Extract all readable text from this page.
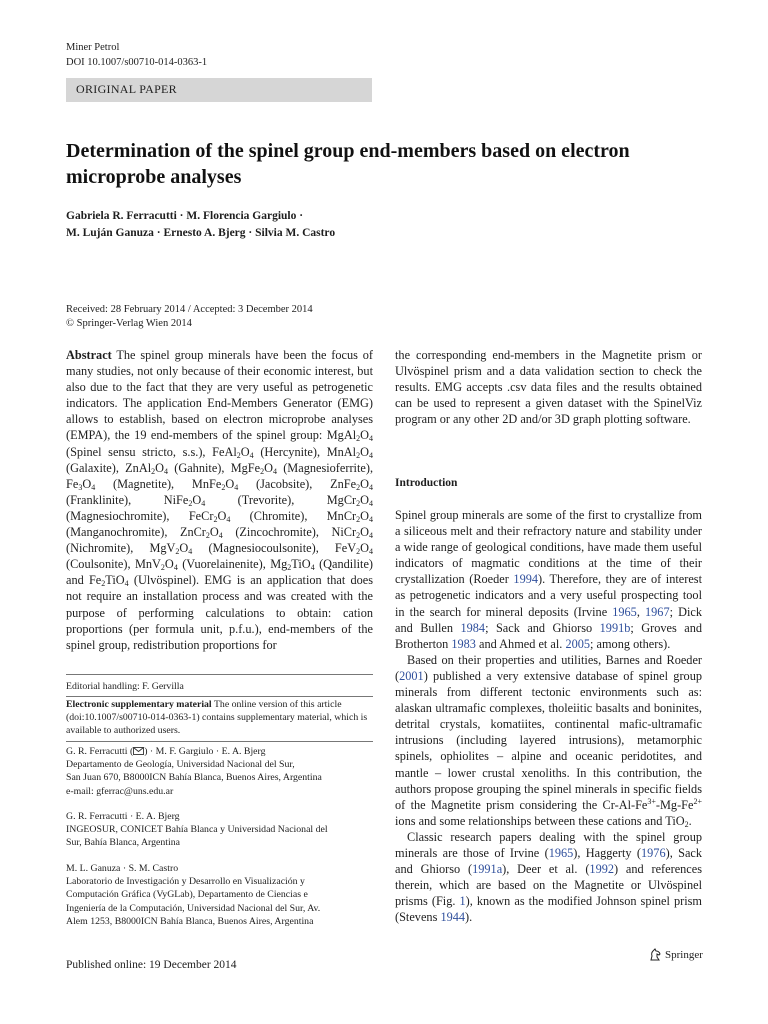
Miner Petrol
DOI 10.1007/s00710-014-0363-1
ORIGINAL PAPER
Determination of the spinel group end-members based on electron microprobe analyses
Gabriela R. Ferracutti · M. Florencia Gargiulo ·
M. Luján Ganuza · Ernesto A. Bjerg · Silvia M. Castro
Received: 28 February 2014 / Accepted: 3 December 2014
© Springer-Verlag Wien 2014
Abstract The spinel group minerals have been the focus of many studies, not only because of their economic interest, but also due to the fact that they are very useful as petrogenetic indicators. The application End-Members Generator (EMG) allows to establish, based on electron microprobe analyses (EMPA), the 19 end-members of the spinel group: $MgAl_2O_4$ (Spinel sensu stricto, s.s.), $FeAl_2O_4$ (Hercynite), $MnAl_2O_4$ (Galaxite), $ZnAl_2O_4$ (Gahnite), $MgFe_2O_4$ (Magnesioferrite), $Fe_3O_4$ (Magnetite), $MnFe_2O_4$ (Jacobsite), $ZnFe_2O_4$ (Franklinite),	$NiFe_2O_4$	(Trevorite),	$MgCr_2O_4$ (Magnesiochromite), $FeCr_2O_4$ (Chromite), $MnCr_2O_4$ (Manganochromite), $ZnCr_2O_4$ (Zincochromite), $NiCr_2O_4$ (Nichromite), $MgV_2O_4$ (Magnesiocoulsonite), $FeV_2O_4$ (Coulsonite), $MnV_2O_4$ (Vuorelainenite), $Mg_2TiO_4$ (Qandilite) and $Fe_2TiO_4$ (Ulvöspinel). EMG is an application that does not require an installation process and was created with the purpose of performing calculations to obtain: cation proportions (per formula unit, p.f.u.), end-members of the spinel group, redistribution proportions for
Editorial handling: F. Gervilla
Electronic supplementary material The online version of this article (doi:10.1007/s00710-014-0363-1) contains supplementary material, which is available to authorized users.
G. R. Ferracutti ( ) · M. F. Gargiulo · E. A. Bjerg
Departamento de Geología, Universidad Nacional del Sur,
San Juan 670, B8000ICN Bahía Blanca, Buenos Aires, Argentina
e-mail: gferrac@uns.edu.ar
G. R. Ferracutti · E. A. Bjerg
INGEOSUR, CONICET Bahía Blanca y Universidad Nacional del
Sur, Bahía Blanca, Argentina
M. L. Ganuza · S. M. Castro
Laboratorio de Investigación y Desarrollo en Visualización y
Computación Gráfica (VyGLab), Departamento de Ciencias e
Ingeniería de la Computación, Universidad Nacional del Sur, Av.
Alem 1253, B8000ICN Bahía Blanca, Buenos Aires, Argentina
the corresponding end-members in the Magnetite prism or Ulvöspinel prism and a data validation section to check the results. EMG accepts .csv data files and the results obtained can be used to represent a given dataset with the SpinelViz program or any other 2D and/or 3D graph plotting software.
Introduction

Spinel group minerals are some of the first to crystallize from a siliceous melt and their refractory nature and stability under a wide range of geological conditions, have made them useful indicators of magmatic conditions at the time of their crystallization (Roeder 1994). Therefore, they are of interest as petrogenetic indicators and a very useful prospecting tool in the search for mineral deposits (Irvine 1965, 1967; Dick and Bullen 1984; Sack and Ghiorso 1991b; Groves and Brotherton 1983 and Ahmed et al. 2005; among others).

Based on their properties and utilities, Barnes and Roeder (2001) published a very extensive database of spinel group minerals from different tectonic environments such as: alaskan ultramafic complexes, tholeiitic basalts and boninites, detrital crystals, komatiites, continental mafic-ultramafic intrusions (including layered intrusions), metamorphic spinels, ophiolites – alpine and oceanic peridotites, and mantle – lower crustal xenoliths. In this contribution, the authors propose grouping the spinel minerals in specific fields of the Magnetite prism considering the $Cr-Al-Fe^{3+}-Mg-Fe^{2+}$ ions and some relationships between these cations and TiO$_2$.

Classic research papers dealing with the spinel group minerals are those of Irvine (1965), Haggerty (1976), Sack and Ghiorso (1991a), Deer et al. (1992) and references therein, which are based on the Magnetite or Ulvöspinel prisms (Fig. 1), known as the modified Johnson spinel prism (Stevens 1944).

Published online: 19 December 2014
Springer
